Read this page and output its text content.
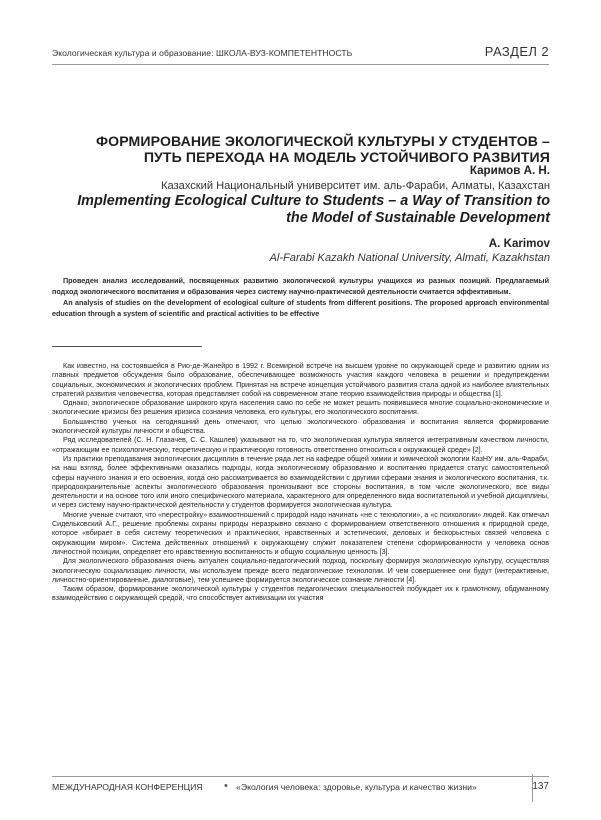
Экологическая культура и образование: ШКОЛА-ВУЗ-КОМПЕТЕНТНОСТЬ	РАЗДЕЛ 2
ФОРМИРОВАНИЕ ЭКОЛОГИЧЕСКОЙ КУЛЬТУРЫ У СТУДЕНТОВ – ПУТЬ ПЕРЕХОДА НА МОДЕЛЬ УСТОЙЧИВОГО РАЗВИТИЯ
Каримов А. Н.
Казахский Национальный университет им. аль-Фараби, Алматы, Казахстан
Implementing Ecological Culture to Students – a Way of Transition to the Model of Sustainable Development
A. Karimov
Al-Farabi Kazakh National University, Almati, Kazakhstan

Проведен анализ исследований, посвященных развитию экологической культуры учащихся из разных позиций. Предлагаемый подход экологического воспитания и образования через систему научно-практической деятельности считается эффективным.

An analysis of studies on the development of ecological culture of students from different positions. The proposed approach environmental education through a system of scientific and practical activities to be effective

Как известно, на состоявшейся в Рио-де-Жанейро в 1992 г. Всемирной встрече на высшем уровне по окружающей среде и развитию одним из главных предметов обсуждения было образование, обеспечивающее возможность участия каждого человека в решении и предупреждении социальных, экономических и экологических проблем. Принятая на встрече концепция устойчивого развития стала одной из наиболее влиятельных стратегий развития человечества, которая представляет собой на современном этапе теорию взаимодействия природы и общества [1].

Однако, экологическое образование широкого круга населения само по себе не может решить появившиеся многие социально-экономические и экологические кризисы без решения кризиса сознания человека, его культуры, его экологического воспитания.

Большинство ученых на сегодняшний день отмечают, что целью экологического образования и воспитания является формирование экологической культуры личности и общества.

Ряд исследователей (С. Н. Глазачев, С. С. Кашлев) указывают на то, что экологическая культура является интегративным качеством личности, «отражающим ее психологическую, теоретическую и практическую готовность ответственно относиться к окружающей среде» [2].

Из практики преподавания экологических дисциплин в течение ряда лет на кафедре общей химии и химической экологии КазНУ им. аль-Фараби, на наш взгляд, более эффективными оказались подходы, когда экологическому образованию и воспитанию придается статус самостоятельной сферы научного знания и его освоения, когда оно рассматривается во взаимодействии с другими сферами знания и экологического воспитания, т.к. природоохранительные аспекты экологического образования пронизывают все стороны воспитания, в том числе экологического, все виды деятельности и на основе того или иного специфического материала, характерного для определенного вида воспитательной и учебной дисциплины, и через систему научно-практической деятельности у студентов формируется экологическая культура.

Многие ученые считают, что «перестройку» взаимоотношений с природой надо начинать «не с технологии», а «с психологии» людей. Как отмечал Сидельковский А.Г., решение проблемы охраны природы неразрывно связано с формированием ответственного отношения к природной среде, которое «вбирает в себя систему теоретических и практических, нравственных и эстетических, деловых и бескорыстных связей человека с окружающим миром». Система действенных отношений к окружающему служит показателем степени сформированности у человека основ личностной позиции, определяет его нравственную воспитанность и общую социальную ценность [3].

Для экологического образования очень актуален социально-педагогический подход, поскольку формируя экологическую культуру, осуществляя экологическую социализацию личности, мы используем прежде всего педагогические технологии. И чем совершеннее они будут (интерактивные, личностно-ориентированные, диалоговые), тем успешнее формируется экологическое сознание личности [4].

Таким образом, формирование экологической культуры у студентов педагогических специальностей побуждает их к грамотному, обдуманному взаимодействию с окружающей средой, что способствует активизации их участия

МЕЖДУНАРОДНАЯ КОНФЕРЕНЦИЯ • «Экология человека: здоровье, культура и качество жизни»	137
